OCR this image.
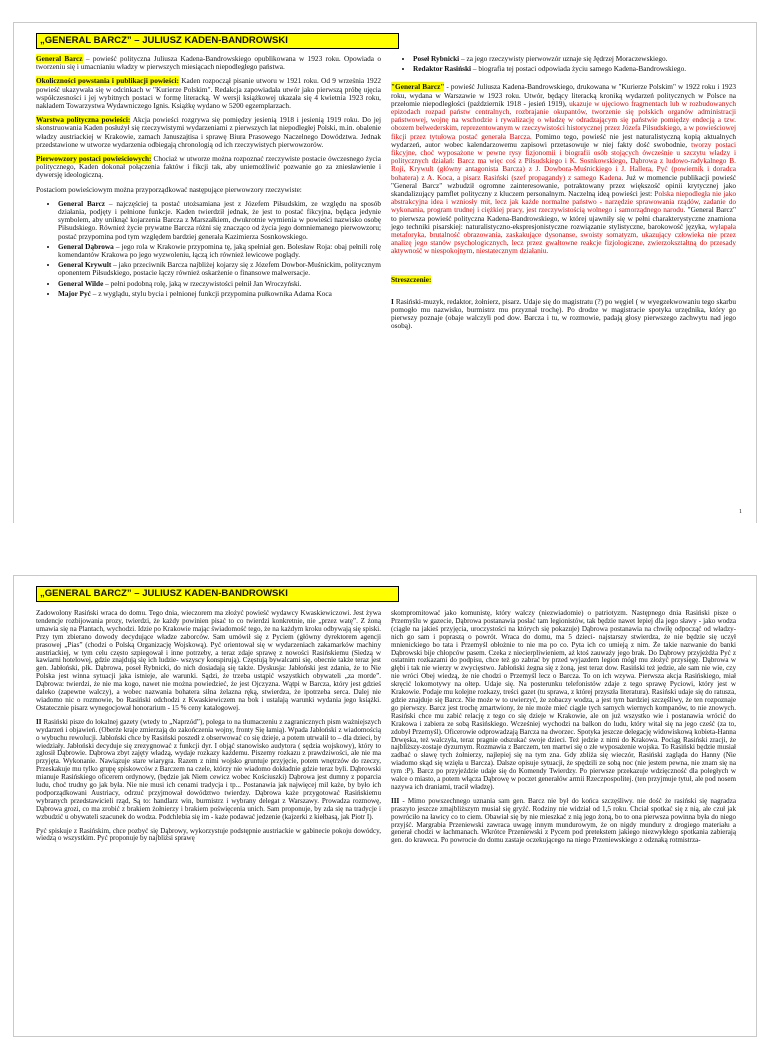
„GENERAL BARCZ” – JULIUSZ KADEN-BANDROWSKI

General Barcz – powieść polityczna Juliusza Kadena-Bandrowskiego opublikowana w 1923 roku. Opowiada o tworzeniu się i umacnianiu władzy w pierwszych miesiącach niepodległego państwa.

Okoliczności powstania i publikacji powieści: Kaden rozpoczął pisanie utworu w 1921 roku. Od 9 września 1922 powieść ukazywała się w odcinkach w "Kurierze Polskim". Redakcja zapowiadała utwór jako pierwszą próbę ujęcia współczesności i jej wybitnych postaci w formę literacką. W wersji książkowej ukazała się 4 kwietnia 1923 roku, nakładem Towarzystwa Wydawniczego Ignis. Książkę wydano w 5200 egzemplarzach.

Warstwa polityczna powieści: Akcja powieści rozgrywa się pomiędzy jesienią 1918 i jesienią 1919 roku. Do jej skonstruowania Kaden posłużył się rzeczywistymi wydarzeniami z pierwszych lat niepodległej Polski, m.in. obalenie władzy austriackiej w Krakowie, zamach Januszajtisa i sprawę Biura Prasowego Naczelnego Dowództwa. Jednak przedstawione w utworze wydarzenia odbiegają chronologią od ich rzeczywistych pierwowzorów.

Pierwowzory postaci powieściowych: Chociaż w utworze można rozpoznać rzeczywiste postacie ówczesnego życia politycznego, Kaden dokonał połączenia faktów i fikcji tak, aby uniemożliwić pozwanie go za zniesławienie i dywersję ideologiczną.

Postaciom powieściowym można przyporządkować następujące pierwowzory rzeczywiste:

• General Barcz – najczęściej ta postać utożsamiana jest z Józefem Piłsudskim, ze względu na sposób działania, podjęty i pełnione funkcje. Kaden twierdził jednak, że jest to postać fikcyjna, będąca jedynie symbolem, aby uniknąć kojarzenia Barcza z Marszałkiem, dwukrotnie wymienia w powieści nazwisko osobę Piłsudskiego. Również życie prywatne Barcza różni się znacząco od życia jego domniemanego pierwowzoru; postać przypomina pod tym względem bardziej generała Kazimierza Sosnkowskiego.
• General Dąbrowa – jego rola w Krakowie przypomina tę, jaką spełniał gen. Bolesław Roja: obaj pełnili rolę komendantów Krakowa po jego wyzwoleniu, łączą ich również lewicowe poglądy.
• General Krywult – jako przeciwnik Barcza najbliżej kojarzy się z Józefem Dowbor-Muśnickim, politycznym oponentem Piłsudskiego, postacie łączy również oskarżenie o finansowe malwersacje.
• General Wilde – pełni podobną rolę, jaką w rzeczywistości pełnił Jan Wroczyński.
• Major Pyć – z wyglądu, stylu bycia i pełnionej funkcji przypomina pułkownika Adama Koca
• Poseł Rybnicki – za jego rzeczywisty pierwowzór uznaje się Jędrzej Moraczewskiego.
• Redaktor Rasiński – biografia tej postaci odpowiada życiu samego Kadena-Bandrowskiego.

"General Barcz" - powieść Juliusza Kadena-Bandrowskiego, drukowana w "Kurierze Polskim" w 1922 roku i 1923 roku, wydana w Warszawie w 1923 roku. Utwór, będący literacką kroniką wydarzeń politycznych w Polsce na przełomie niepodległości (październik 1918 - jesień 1919), ukazuje w ujęciowo fragmentach lub w rozbudowanych epizodach rozpad państw centralnych, rozbrajanie okupantów, tworzenie się polskich organów administracji państwowej, wojnę na wschodzie i rywalizację o władzę w odradzającym się państwie pomiędzy endecją a tzw. obozem belwederskim, reprezentowanym w rzeczywistości historycznej przez Józefa Piłsudskiego, a w powieściowej fikcji przez tytułowa postać generała Barcza. Pomimo tego, powieść nie jest naturalistyczną kopią aktualnych wydarzeń, autor wobec kalendarzowemu zapisowi przetasowuje w niej fakty dość swobodnie, tworzy postaci fikcyjne, choć wyposażone w pewne rysy fizjonomii i biografii osób stojących ówcześnie u szczytu władzy i politycznych działań: Barcz ma więc coś z Piłsudskiego i K. Sosnkowskiego, Dąbrowa z ludowo-radykalnego B. Roji, Krywult (główny antagonista Barcza) z J. Dowbora-Muśnickiego i J. Hallera, Pyć (powiernik i doradca bohatera) z A. Koca, a pisarz Rasiński (szef propagandy) z samego Kadena. Już w momencie publikacji powieść "General Barcz" wzbudził ogromne zainteresowanie, potraktowany przez większość opinii krytycznej jako skandalizujący pamflet polityczny z kluczem personalnym. Naczelną ideą powieści jest: Polska niepodległa nie jako abstrakcyjna idea i wzniosły mit, lecz jak każde normalne państwo - narzędzie sprawowania rządów, zadanie do wykonania, program trudnej i ciężkiej pracy, jest rzeczywistością wolnego i samorządnego narodu. "General Barcz" to pierwsza powieść polityczna Kadena-Bandrowskiego, w której ujawniły się w pełni charakterystyczne znamiona jego techniki pisarskiej: naturalistyczno-ekspresjonistyczne rozwiązanie stylistyczne, barokowość języka, wyłapała metaforyka, brutalność obrazowania, zaskakujące dysonanse, swoisty somatyzm, ukazujący człowieka nie przez analizę jego stanów psychologicznych, lecz przez gwałtowne reakcje fizjologiczne, zwierzokształtną do przesady aktywność w niespokojnym, niestatecznym działaniu.

Streszczenie:

I Rasiński-muzyk, redaktor, żołnierz, pisarz. Udaje się do magistratu (?) po węgiel ( w wyegzekwowaniu tego skarbu pomogło mu nazwisko, burmistrz mu przyznał trochę). Po drodze w magistracie spotyka urzędnika, który go pierwszy poznaje (obaje walczyli pod dow. Barcza i tu, w rozmowie, padają głosy pierwszego zachwytu nad jego osobą).

1
„GENERAL BARCZ” – JULIUSZ KADEN-BANDROWSKI

Zadowolony Rasiński wraca do domu. Tego dnia, wieczorem ma złożyć powieść wydawcy Kwaskiewiczowi. Jest żywa tendencje rozbijowania prozy, twierdzi, że każdy powinien pisać to co twierdzi konkretnie, nie „przez watę”. Z żoną umawia się na Plantach, wychodzi. Idzie po Krakowie mając świadomość tego, że na każdym kroku odbywają się spiski. Przy tym zbierano dowody decydujące władze zaborców. Sam umówił się z Pyciem (główny dyrektorem agencji prasowej „Pias” (chodzi o Polską Organizację Wojskową). Pyć orientował się w wydarzeniach zakamarków machiny austriackiej, w tym celu często szpiegował i inne potrzeby, a teraz zdaje sprawę z nowości Rasińskiemu (Siedzą w kawiarni hotelowej, gdzie znajdują się ich ludzie- wszyscy konspirują). Częstują bywalcami się, obecnie także teraz jest gen. Jabłoński, płk. Dąbrowa, poseł Rybnicki, do nich dosiadają się także. Dyskusja: Jabłoński jest zdania, że to Nie Polska jest winna sytuacji jaka istnieje, ale warunki. Sądzi, że trzeba ustąpić wszystkich obywateli „za morde”. Dąbrowa: twierdzi, że nie ma kogo, nawet nie można powiedzieć, że jest Ojczyzna. Wątpi w Barcza, który jest gdzieś daleko (zapewne walczy), a wobec nazwania bohatera siłna żelazna ręką, stwierdza, że ipotrzeba serca. Dalej nie wiadomo nic o rozmowie, bo Rasiński odchodzi z Kwaskiewiczem na bok i ustalają warunki wydania jego książki. Ostatecznie pisarz wynegocjował honorarium - 15 % ceny katalogowej.

II Rasiński pisze do lokalnej gazety (wtedy to „Naprzód”), polega to na tłumaczeniu z zagranicznych pism ważniejszych wydarzeń i objawień. (Oberże kraje zmierzają do zakończenia wojny, fronty Się łamią). Wpada Jabłoński z wiadomością o wybuchu rewolucji. Jabłoński chce by Rasiński poszedł z obserwować co się dzieje, a potem utrwalił to – dla dzieci, by wiedziały. Jabłoński decyduje się zrezygnować z funkcji dyr. I objąć stanowisko audytora ( sędzia wojskowy), który to zgłosił Dąbrowie. Dąbrowa zbyt zajęty władzą, wydaje rozkazy każdemu. Piszemy rozkazu z prawdziwości, ale nie ma przyjęta. Wykonanie. Nawiązuje stare wiarygra. Razem z nimi wojsko gruntuje przyjęcie, potem wnętrzów do rzeczy, Przeskakuje mu tylko grupę spiskowców z Barczem na czele, którzy nie wiadomo dokładnie gdzie teraz byli. Dąbrowski mianuje Rasińskiego oficerem ordynowy, (będzie jak Niem cewicz wobec Kościuszki) Dąbrowa jest dumny z poparcia ludu, choć trudny go jak była. Nie nie musi ich cenami tradycja i tp... Postanawia jak najwięcej mil każe, by było ich podporządkowani Austriacy, odrzuć przyjmował dowództwo twierdzy. Dąbrowa każe przygotować Rasińskiemu wybranych przedstawicieli rząd, Są to: handlarz win, burmistrz i wybrany delegat z Warszawy. Prowadza rozmowę, Dąbrowa grozi, co ma zrobić z brakiem żołnierzy i brakiem poświęcenia unich. Sam proponuje, by zda się na tradycje i wzbudzić u obywateli szacunek do wodza. Podchlebia się im - każe podawać jedzenie (kajzerki z kiełbasą, jak Piotr I).

Pyć spiskuje z Rasińskim, chce pozbyć się Dąbrowy, wykorzystuje podstępnie austriackie w gabinecie pokoju dowódcy, wiedzą o wszystkim. Pyć proponuje by najbliżsi sprawę

skompromitować jako komunistę, który walczy (niezwiadomie) o patriotyzm. Następnego dnia Rasiński pisze o Przemyślu w gazecie, Dąbrowa postanawia posłać tam legionistów, tak będzie nawet lepiej dla jego sławy - jako wodza (ciągle na jakieś przyjęcia, uroczystości na których się pokazuje) Dąbrowa postanawia na chwilę odpocząć od władzy- nich go sam i popraszą o powrót. Wraca do domu, ma 5 dzieci- najstarszy stwierdza, że nie będzie się uczył mnienickiego bo tata i Przemyśl obłożnie to nie ma po co. Pyta ich co umieją z nim. Że takie nazwanie do banki Dąbrowski bije chłopców pasem. Czeka z niecierpliwieniem, aż ktoś zauważy jego brak. Do Dąbrowy przyjeżdża Pyć z ostatnim rozkazami do podpisu, chce też go zabrać by przed wyjazdem legion mógł mu złożyć przysięgę. Dąbrowa w głębi i tak nie wierzy w zwycięstwo. Jabłoński żegna się z żoną, jest teraz dow. Rasiński też jedzie, ale sam nie wie, czy nie wróci Obej wiedzą, że nie chodzi o Przemyśl lecz o Barcza. To on ich wzywa. Pierwsza akcja Rasińskiego, miał skręcić lokomotywy na ołtep. Udaje się. Na posterunku telefonistów zdaje z tego sprawę Pyciowi, który jest w Krakowie. Podaje mu kolejne rozkazy, treści gazet (tu sprawa, z której przyszła literatura). Rasiński udaje się do ratusza, gdzie znajduje się Barcz. Nie może w to uwierzyć, że zobaczy wodza, a jest tym bardziej szczęśliwy, że ten rozpoznaje go pierwszy. Barcz jest trochę zmartwiony, że nie może mieć ciągle tych samych wiernych kompanów, to nie znowych. Rasiński chce mu zabić relację z tego co się dzieje w Krakowie, ale on już wszystko wie i postanawia wrócić do Krakowa i zabiera ze sobą Rasińskiego. Wcześniej wychodzi na balkon do ludu, który witał się na jego cześć (za to, zdobył Przemyśl). Oficerowie odprowadzają Barcza na dworzec. Spotyka jeszcze delegację widowiskową kobieta-Hanna Drwęska, też walczyła, teraz pragnie odszukać swoje dzieci. Też jedzie z nimi do Krakowa. Pociąg Rasiński zracji, że najbliższy-zostaje dyzurnym. Rozmawia z Barczem, ten martwi się o złe wyposażenie wojska. To Rasiński będzie musiał zadbać o sławę tych żołnierzy, najlepiej się na tym zna. Gdy zbliża się wieczór, Rasiński zagląda do Hanny (Nie wiadomo skąd się wzięła u Barcza). Dalsze opisuje sytuacji, że spędzili ze sobą noc (nie jestem pewna, nie znam się na tym :P). Barcz po przyjeździe udaje się do Komendy Twierdzy. Po pierwsze przekazuje wdzięczność dla poległych w walce o miasto, a potem włącza Dąbrowę w poczet generałów armii Rzeczpospolitej. (ten przyjmuje tytuł, ale pod nosem nazywa ich draniami, tracił władzę).

III - Mimo powszechnego uznania sam gen. Barcz nie był do końca szczęśliwy. nie dość że rasiński się nagradza praszyto jeszcze zmajbliższym musiał się gryźć. Rodziny nie widział od 1,5 roku. Chciał spotkać się z nią, ale czuł jak powróciło na ławicy co to ciem. Obawiał się by nie mieszkać z nią jego żoną, bo to ona pierwsza powinna była do niego przyjść. Margrabia Przeniewski zawraca uwagę innym mundurowym, że on nigdy mundury z drogiego materiału a generał chodzi w łachmanach. Wkrótce Przeniewski z Pycem pod pretekstem jakiego niezwykłego spotkania zabierają gen. do kraweca. Po powrocie do domu zastaje oczekującego na niego Przeniewskiego z odznaką rotmistrza-
